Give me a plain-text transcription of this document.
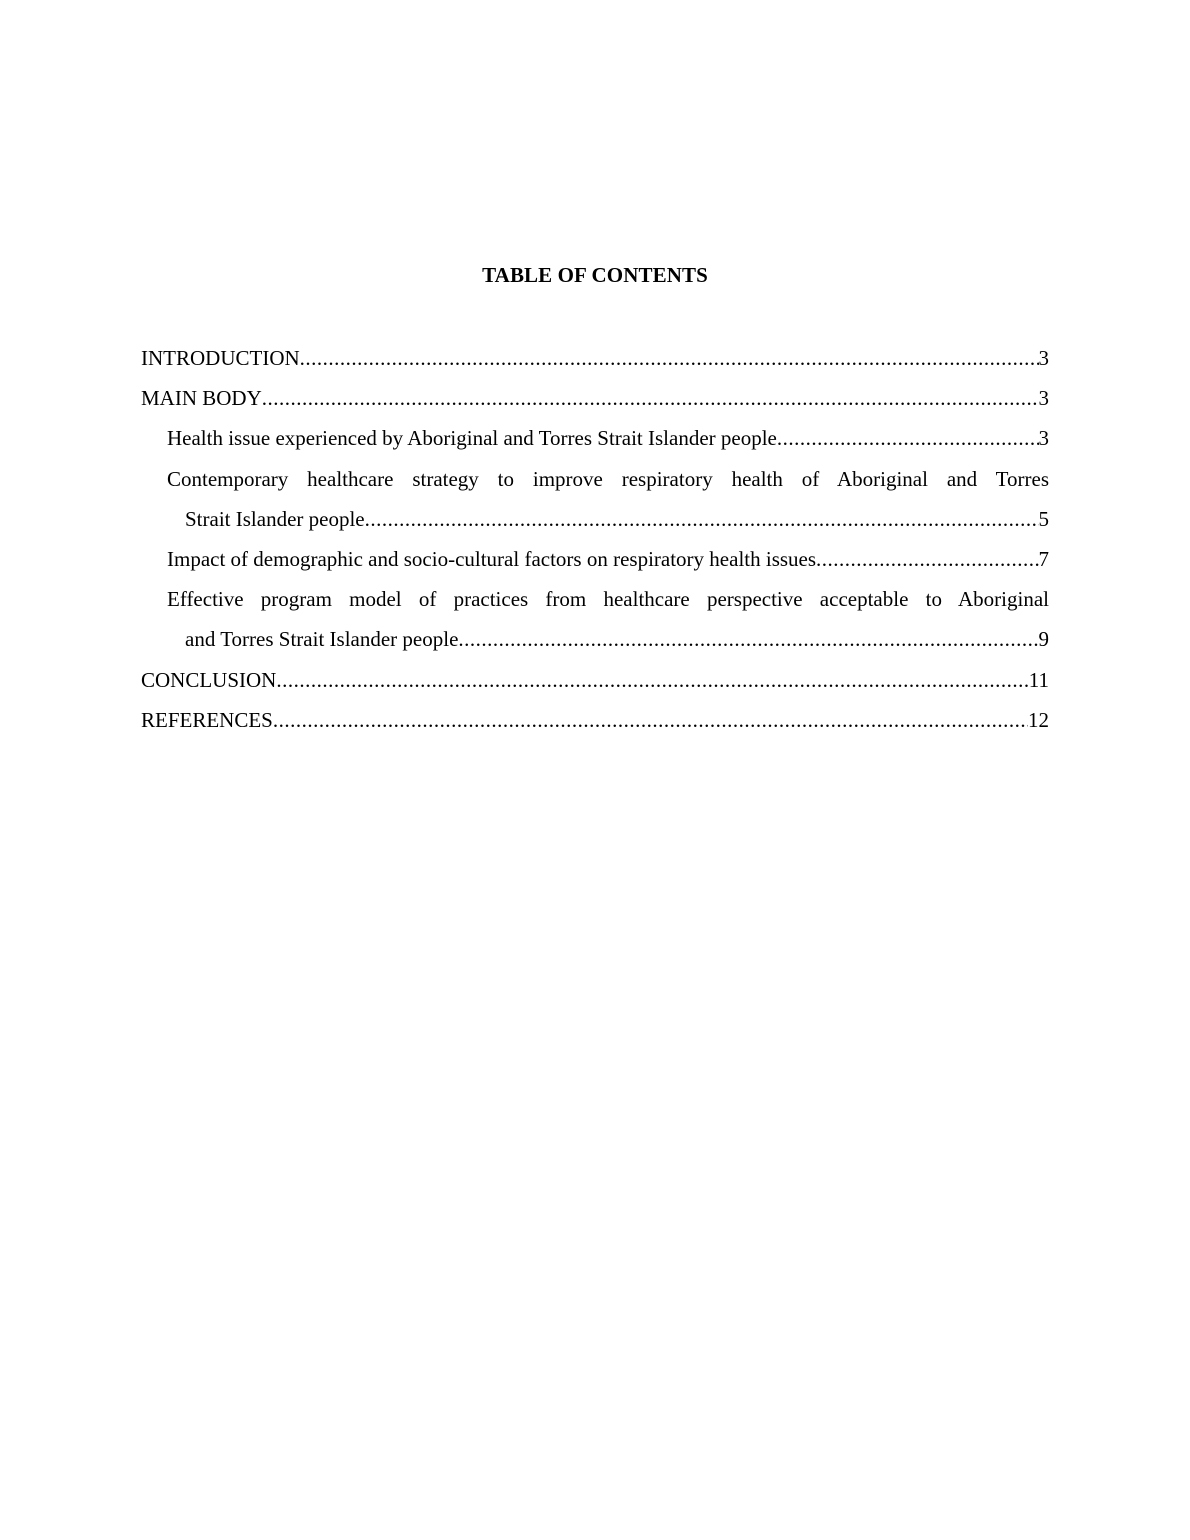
TABLE OF CONTENTS
INTRODUCTION .....	3
MAIN BODY .....	3
Health issue experienced by Aboriginal and Torres Strait Islander people .....	3
Contemporary healthcare strategy to improve respiratory health of Aboriginal and Torres
Strait Islander people .....	5
Impact of demographic and socio-cultural factors on respiratory health issues .....	7
Effective program model of practices from healthcare perspective acceptable to Aboriginal
and Torres Strait Islander people .....	9
CONCLUSION .....	11
REFERENCES .....	12
